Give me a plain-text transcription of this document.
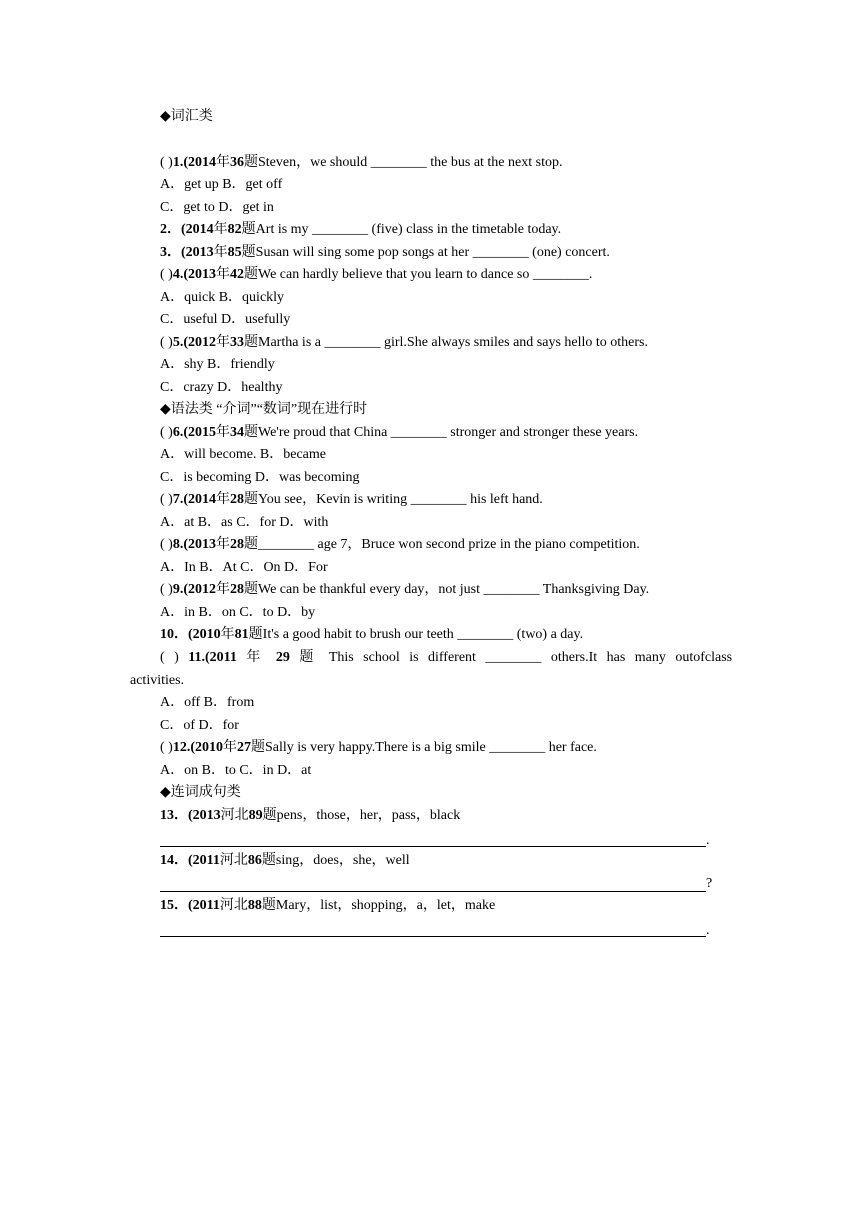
◆词汇类
( )1.(2014年36题Steven，we should ________ the bus at the next stop.
A．get up B．get off
C．get to D．get in
2．(2014年82题Art is my ________ (five) class in the timetable today.
3．(2013年85题Susan will sing some pop songs at her ________ (one) concert.
( )4.(2013年42题We can hardly believe that you learn to dance so ________.
A．quick B．quickly
C．useful D．usefully
( )5.(2012年33题Martha is a ________ girl.She always smiles and says hello to others.
A．shy B．friendly
C．crazy D．healthy
◆语法类 “介词”“数词”现在进行时
( )6.(2015年34题We're proud that China ________ stronger and stronger these years.
A．will become. B．became
C．is becoming D．was becoming
( )7.(2014年28题You see，Kevin is writing ________ his left hand.
A．at B．as C．for D．with
( )8.(2013年28题________ age 7，Bruce won second prize in the piano competition.
A．In B．At C．On D．For
( )9.(2012年28题We can be thankful every day，not just ________ Thanksgiving Day.
A．in B．on C．to D．by
10．(2010年81题It's a good habit to brush our teeth ________ (two) a day.
( ) 11.(2011 年 29 题 This school is different ________ others.It has many outofclass
activities.
A．off B．from
C．of D．for
( )12.(2010年27题Sally is very happy.There is a big smile ________ her face.
A．on B．to C．in D．at
◆连词成句类
13．(2013河北89题pens，those，her，pass，black
.
14．(2011河北86题sing，does，she，well
?
15．(2011河北88题Mary，list，shopping，a，let，make
.
